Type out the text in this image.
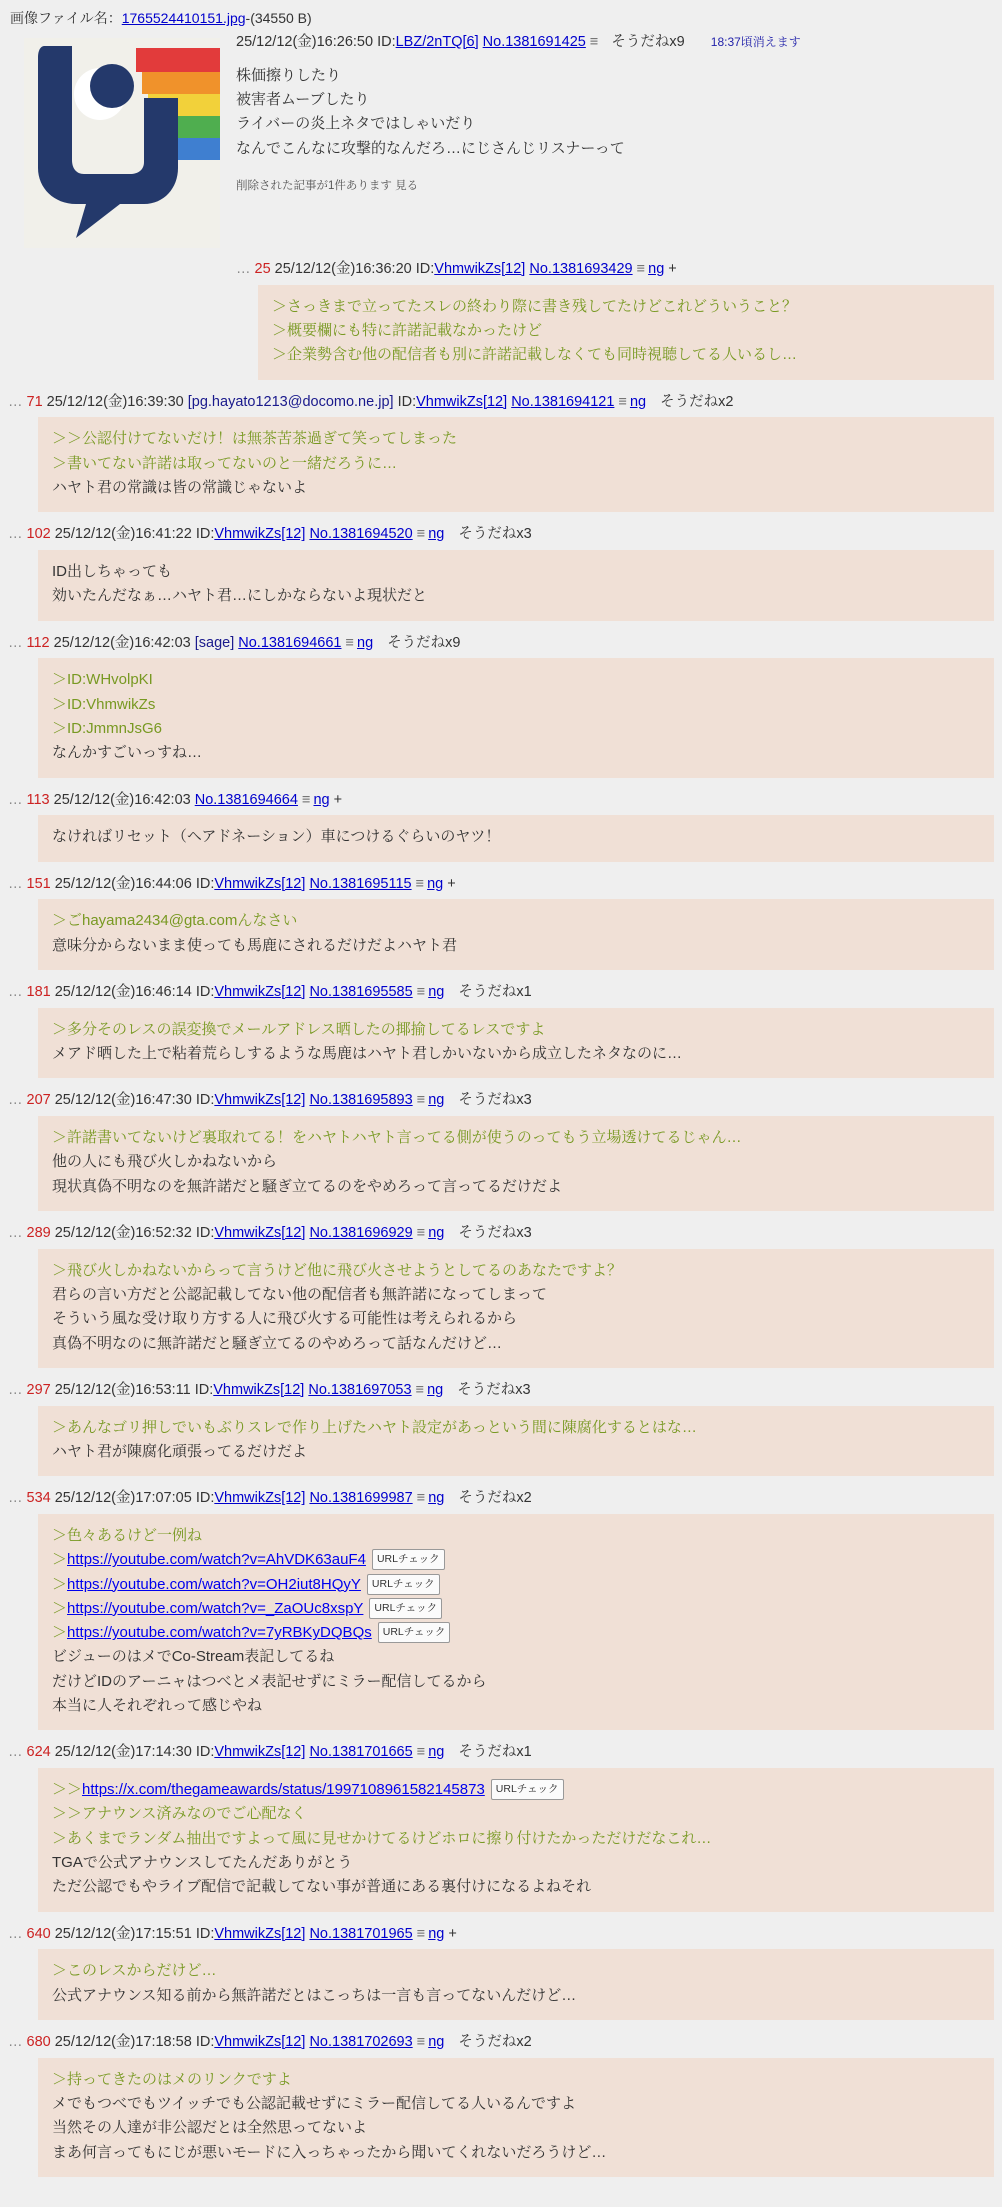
画像ファイル名：1765524410151.jpg-(34550 B)
25/12/12(金)16:26:50 ID:LBZ/2nTQ[6] No.1381691425 ≡ そうだねx9 18:37頃消えます
株価擦りしたり
被害者ムーブしたり
ライバーの炎上ネタではしゃいだり
なんでこんなに攻撃的なんだろ…にじさんじリスナーって
削除された記事が1件あります 見る
… 25 25/12/12(金)16:36:20 ID:VhmwikZs[12] No.1381693429 ≡ ng +
＞さっきまで立ってたスレの終わり際に書き残してたけどこれどういうこと？
＞概要欄にも特に許諾記載なかったけど
＞企業勢含む他の配信者も別に許諾記載しなくても同時視聴してる人いるし…
… 71 25/12/12(金)16:39:30 [pg.hayato1213@docomo.ne.jp] ID:VhmwikZs[12] No.1381694121 ≡ ng そうだねx2
＞＞公認付けてないだけ！は無茶苦茶過ぎて笑ってしまった
＞書いてない許諾は取ってないのと一緒だろうに…
ハヤト君の常識は皆の常識じゃないよ
… 102 25/12/12(金)16:41:22 ID:VhmwikZs[12] No.1381694520 ≡ ng そうだねx3
ID出しちゃっても
効いたんだなぁ…ハヤト君…にしかならないよ現状だと
… 112 25/12/12(金)16:42:03 [sage] No.1381694661 ≡ ng そうだねx9
＞ID:WHvolpKI
＞ID:VhmwikZs
＞ID:JmmnJsG6
なんかすごいっすね…
… 113 25/12/12(金)16:42:03 No.1381694664 ≡ ng +
なければリセット（ヘアドネーション）車につけるぐらいのヤツ！
… 151 25/12/12(金)16:44:06 ID:VhmwikZs[12] No.1381695115 ≡ ng +
＞ごhayama2434@gta.comんなさい
意味分からないまま使っても馬鹿にされるだけだよハヤト君
… 181 25/12/12(金)16:46:14 ID:VhmwikZs[12] No.1381695585 ≡ ng そうだねx1
＞多分そのレスの誤変換でメールアドレス晒したの揶揄してるレスですよ
メアド晒した上で粘着荒らしするような馬鹿はハヤト君しかいないから成立したネタなのに…
… 207 25/12/12(金)16:47:30 ID:VhmwikZs[12] No.1381695893 ≡ ng そうだねx3
＞許諾書いてないけど裏取れてる！をハヤトハヤト言ってる側が使うのってもう立場透けてるじゃん…
他の人にも飛び火しかねないから
現状真偽不明なのを無許諾だと騒ぎ立てるのをやめろって言ってるだけだよ
… 289 25/12/12(金)16:52:32 ID:VhmwikZs[12] No.1381696929 ≡ ng そうだねx3
＞飛び火しかねないからって言うけど他に飛び火させようとしてるのあなたですよ？
君らの言い方だと公認記載してない他の配信者も無許諾になってしまって
そういう風な受け取り方する人に飛び火する可能性は考えられるから
真偽不明なのに無許諾だと騒ぎ立てるのやめろって話なんだけど…
… 297 25/12/12(金)16:53:11 ID:VhmwikZs[12] No.1381697053 ≡ ng そうだねx3
＞あんなゴリ押しでいもぶりスレで作り上げたハヤト設定があっという間に陳腐化するとはな…
ハヤト君が陳腐化頑張ってるだけだよ
… 534 25/12/12(金)17:07:05 ID:VhmwikZs[12] No.1381699987 ≡ ng そうだねx2
＞色々あるけど一例ね
＞https://youtube.com/watch?v=AhVDK63auF4 URLチェック
＞https://youtube.com/watch?v=OH2iut8HQyY URLチェック
＞https://youtube.com/watch?v=_ZaOUc8xspY URLチェック
＞https://youtube.com/watch?v=7yRBKyDQBQs URLチェック
ビジューのはメでCo-Stream表記してるね
だけどIDのアーニャはつべとメ表記せずにミラー配信してるから
本当に人それぞれって感じやね
… 624 25/12/12(金)17:14:30 ID:VhmwikZs[12] No.1381701665 ≡ ng そうだねx1
＞＞https://x.com/thegameawards/status/1997108961582145873 URLチェック
＞＞アナウンス済みなのでご心配なく
＞あくまでランダム抽出ですよって風に見せかけてるけどホロに擦り付けたかっただけだなこれ…
TGAで公式アナウンスしてたんだありがとう
ただ公認でもやライブ配信で記載してない事が普通にある裏付けになるよねそれ
… 640 25/12/12(金)17:15:51 ID:VhmwikZs[12] No.1381701965 ≡ ng +
＞このレスからだけど…
公式アナウンス知る前から無許諾だとはこっちは一言も言ってないんだけど…
… 680 25/12/12(金)17:18:58 ID:VhmwikZs[12] No.1381702693 ≡ ng そうだねx2
＞持ってきたのはメのリンクですよ
メでもつべでもツイッチでも公認記載せずにミラー配信してる人いるんですよ
当然その人達が非公認だとは全然思ってないよ
まあ何言ってもにじが悪いモードに入っちゃったから聞いてくれないだろうけど…
